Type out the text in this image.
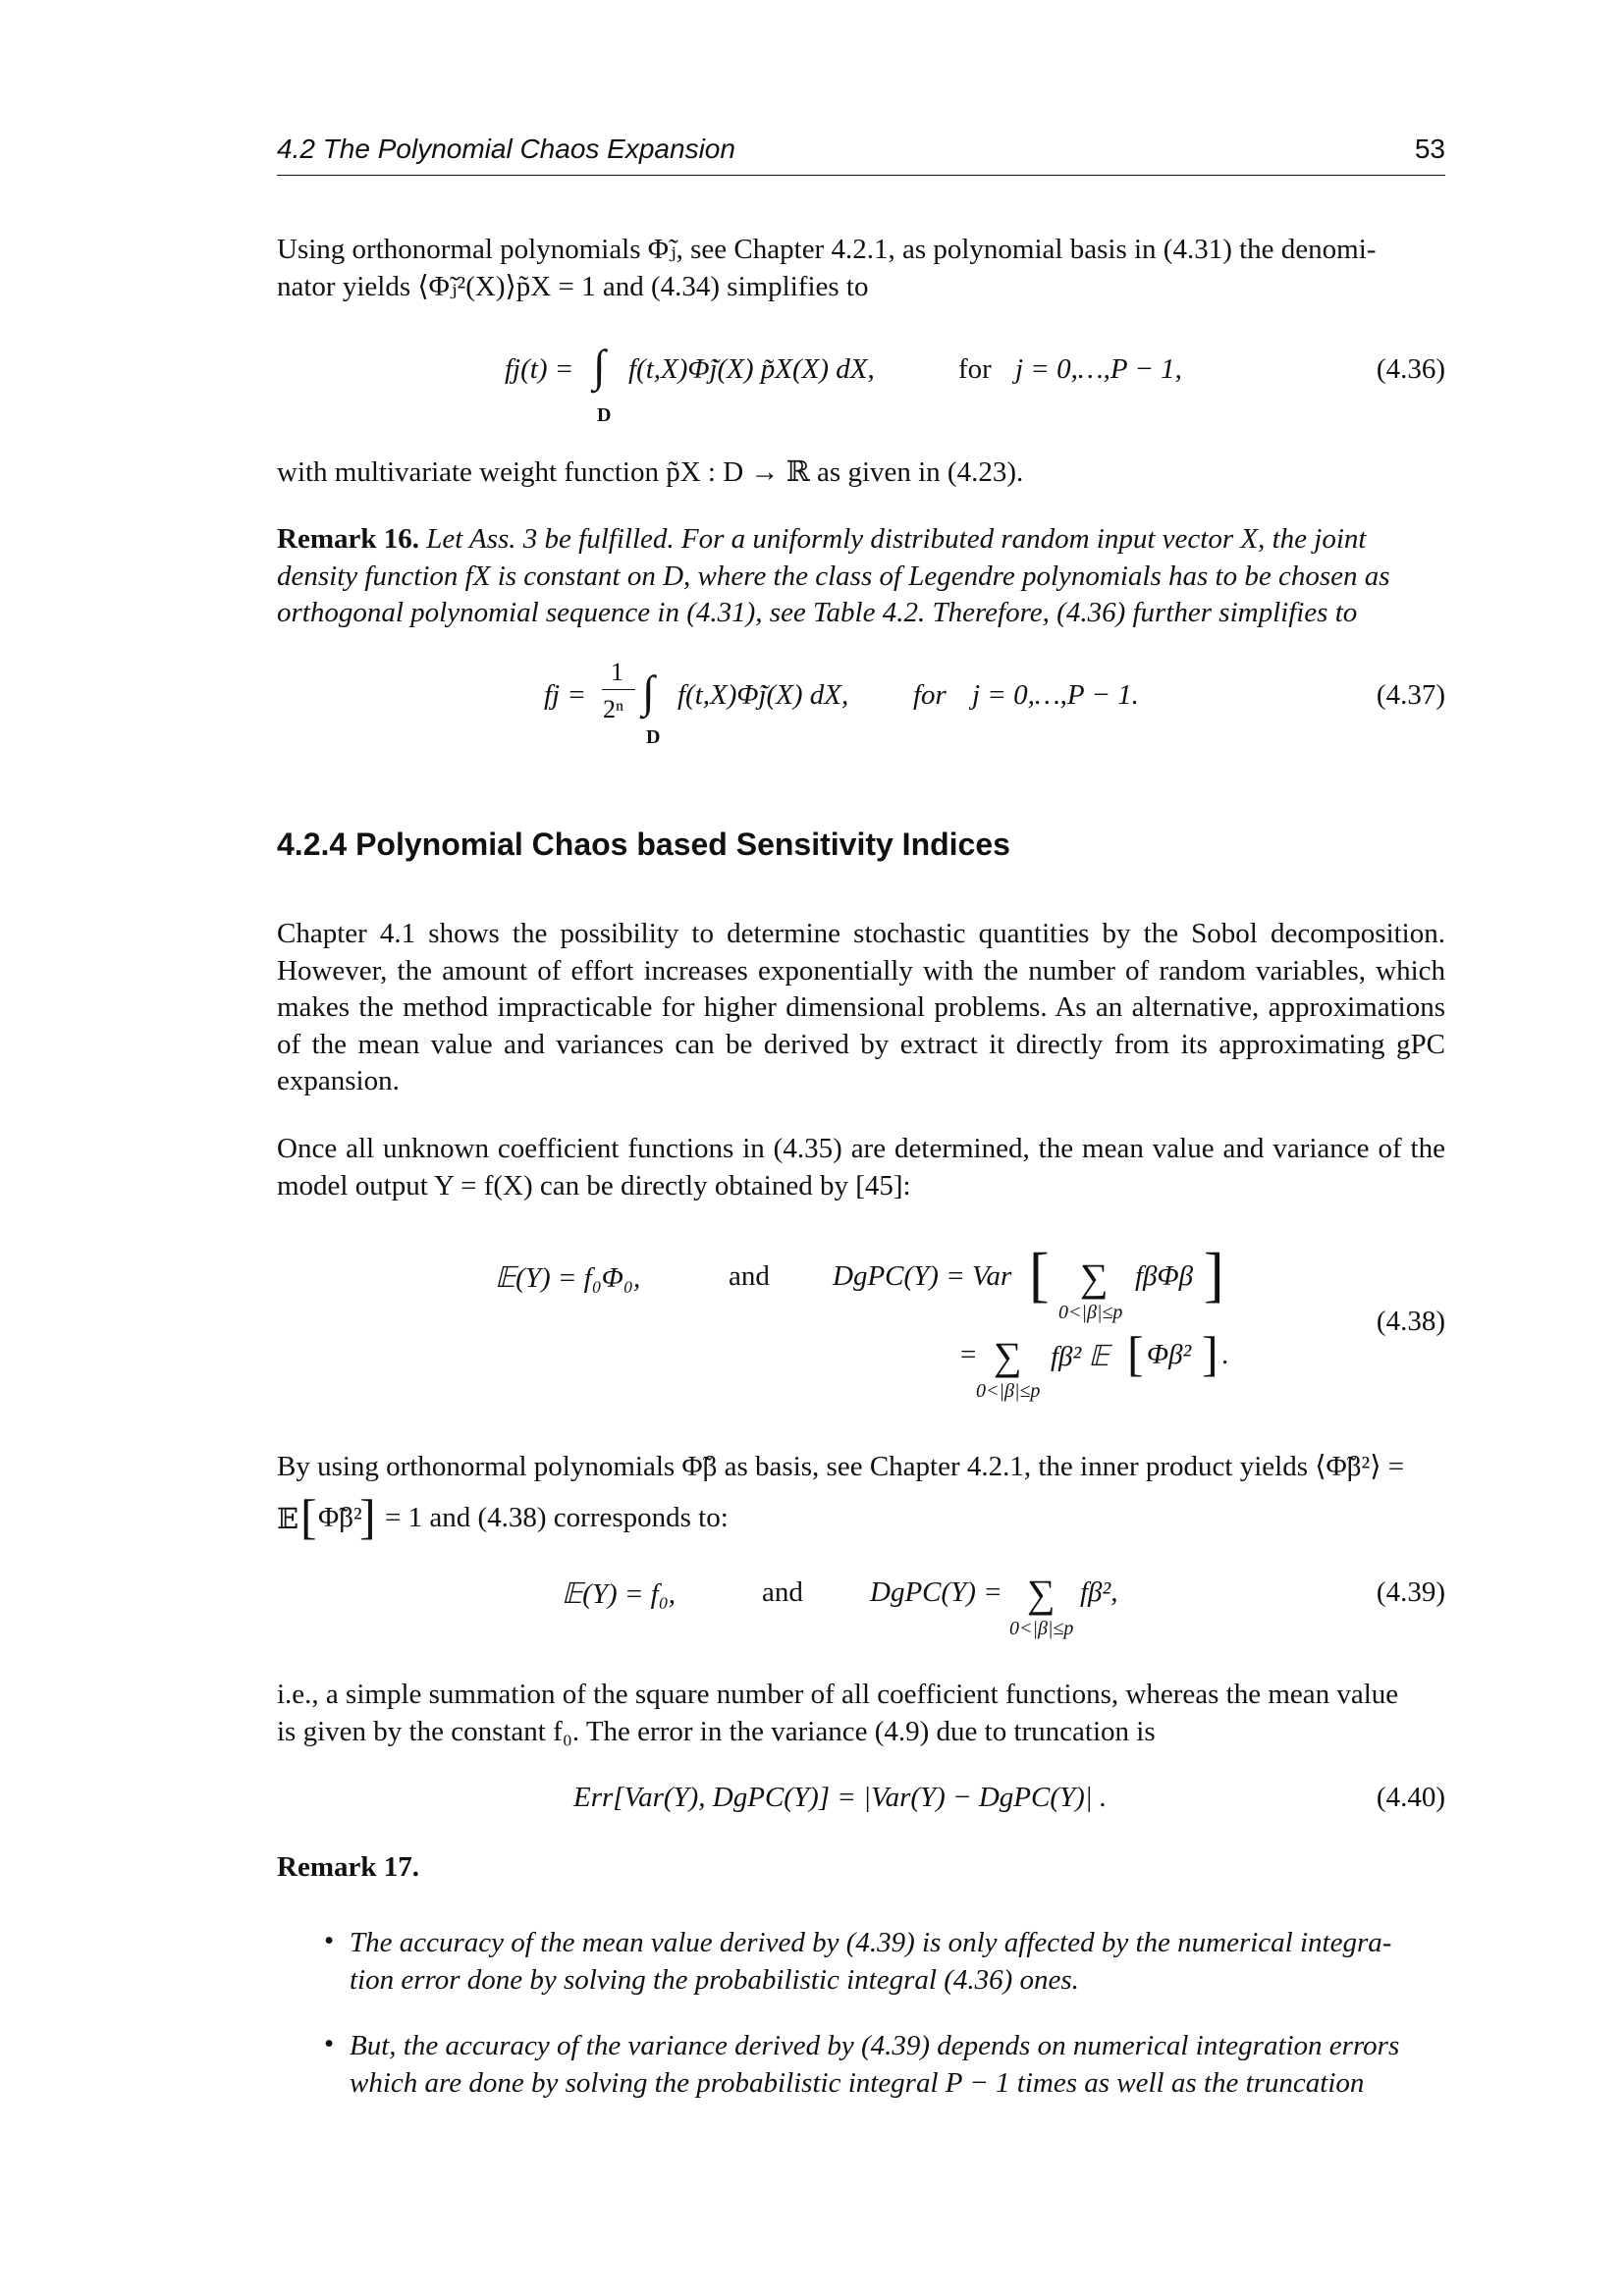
4.2 The Polynomial Chaos Expansion	53

Using orthonormal polynomials Φ̃ⱼ, see Chapter 4.2.1, as polynomial basis in (4.31) the denomi-

nator yields ⟨Φ̃ⱼ²(X)⟩p̃X = 1 and (4.34) simplifies to

fj(t) = ∫ f(t,X)Φ̃j(X) p̃X(X) dX,	for j = 0,…,P − 1,
D
(4.36)

with multivariate weight function p̃X : D → ℝ as given in (4.23).

Remark 16. Let Ass. 3 be fulfilled. For a uniformly distributed random input vector X, the joint

density function fX is constant on D, where the class of Legendre polynomials has to be chosen as

orthogonal polynomial sequence in (4.31), see Table 4.2. Therefore, (4.36) further simplifies to

fj =
1
2ⁿ ∫ f(t,X)Φ̃j(X) dX, for j = 0,…,P − 1.
D
(4.37)
4.2.4 Polynomial Chaos based Sensitivity Indices

Chapter 4.1 shows the possibility to determine stochastic quantities by the Sobol decomposition. However, the amount of effort increases exponentially with the number of random variables, which makes the method impracticable for higher dimensional problems. As an alternative, approximations of the mean value and variances can be derived by extract it directly from its approximating gPC expansion.

Once all unknown coefficient functions in (4.35) are determined, the mean value and variance of the model output Y = f(X) can be directly obtained by [45]:

𝔼(Y) = f₀Φ₀,	and DgPC(Y) = Var [ ∑
0<|β|≤p
fβΦβ ]
= ∑
0<|β|≤p
fβ² 𝔼 [ Φβ² ] .
(4.38)

By using orthonormal polynomials Φ̃β as basis, see Chapter 4.2.1, the inner product yields ⟨Φ̃β²⟩ =

𝔼 [ Φ̃β²
] = 1 and (4.38) corresponds to:
𝔼(Y) = f₀,	and DgPC(Y) = ∑
0<|β|≤p
fβ²,	(4.39)

i.e., a simple summation of the square number of all coefficient functions, whereas the mean value

is given by the constant f₀. The error in the variance (4.9) due to truncation is

Err[Var(Y), DgPC(Y)] = |Var(Y) − DgPC(Y)| .	(4.40)

Remark 17.

• The accuracy of the mean value derived by (4.39) is only affected by the numerical integra-
tion error done by solving the probabilistic integral (4.36) ones.
• But, the accuracy of the variance derived by (4.39) depends on numerical integration errors
which are done by solving the probabilistic integral P − 1 times as well as the truncation
